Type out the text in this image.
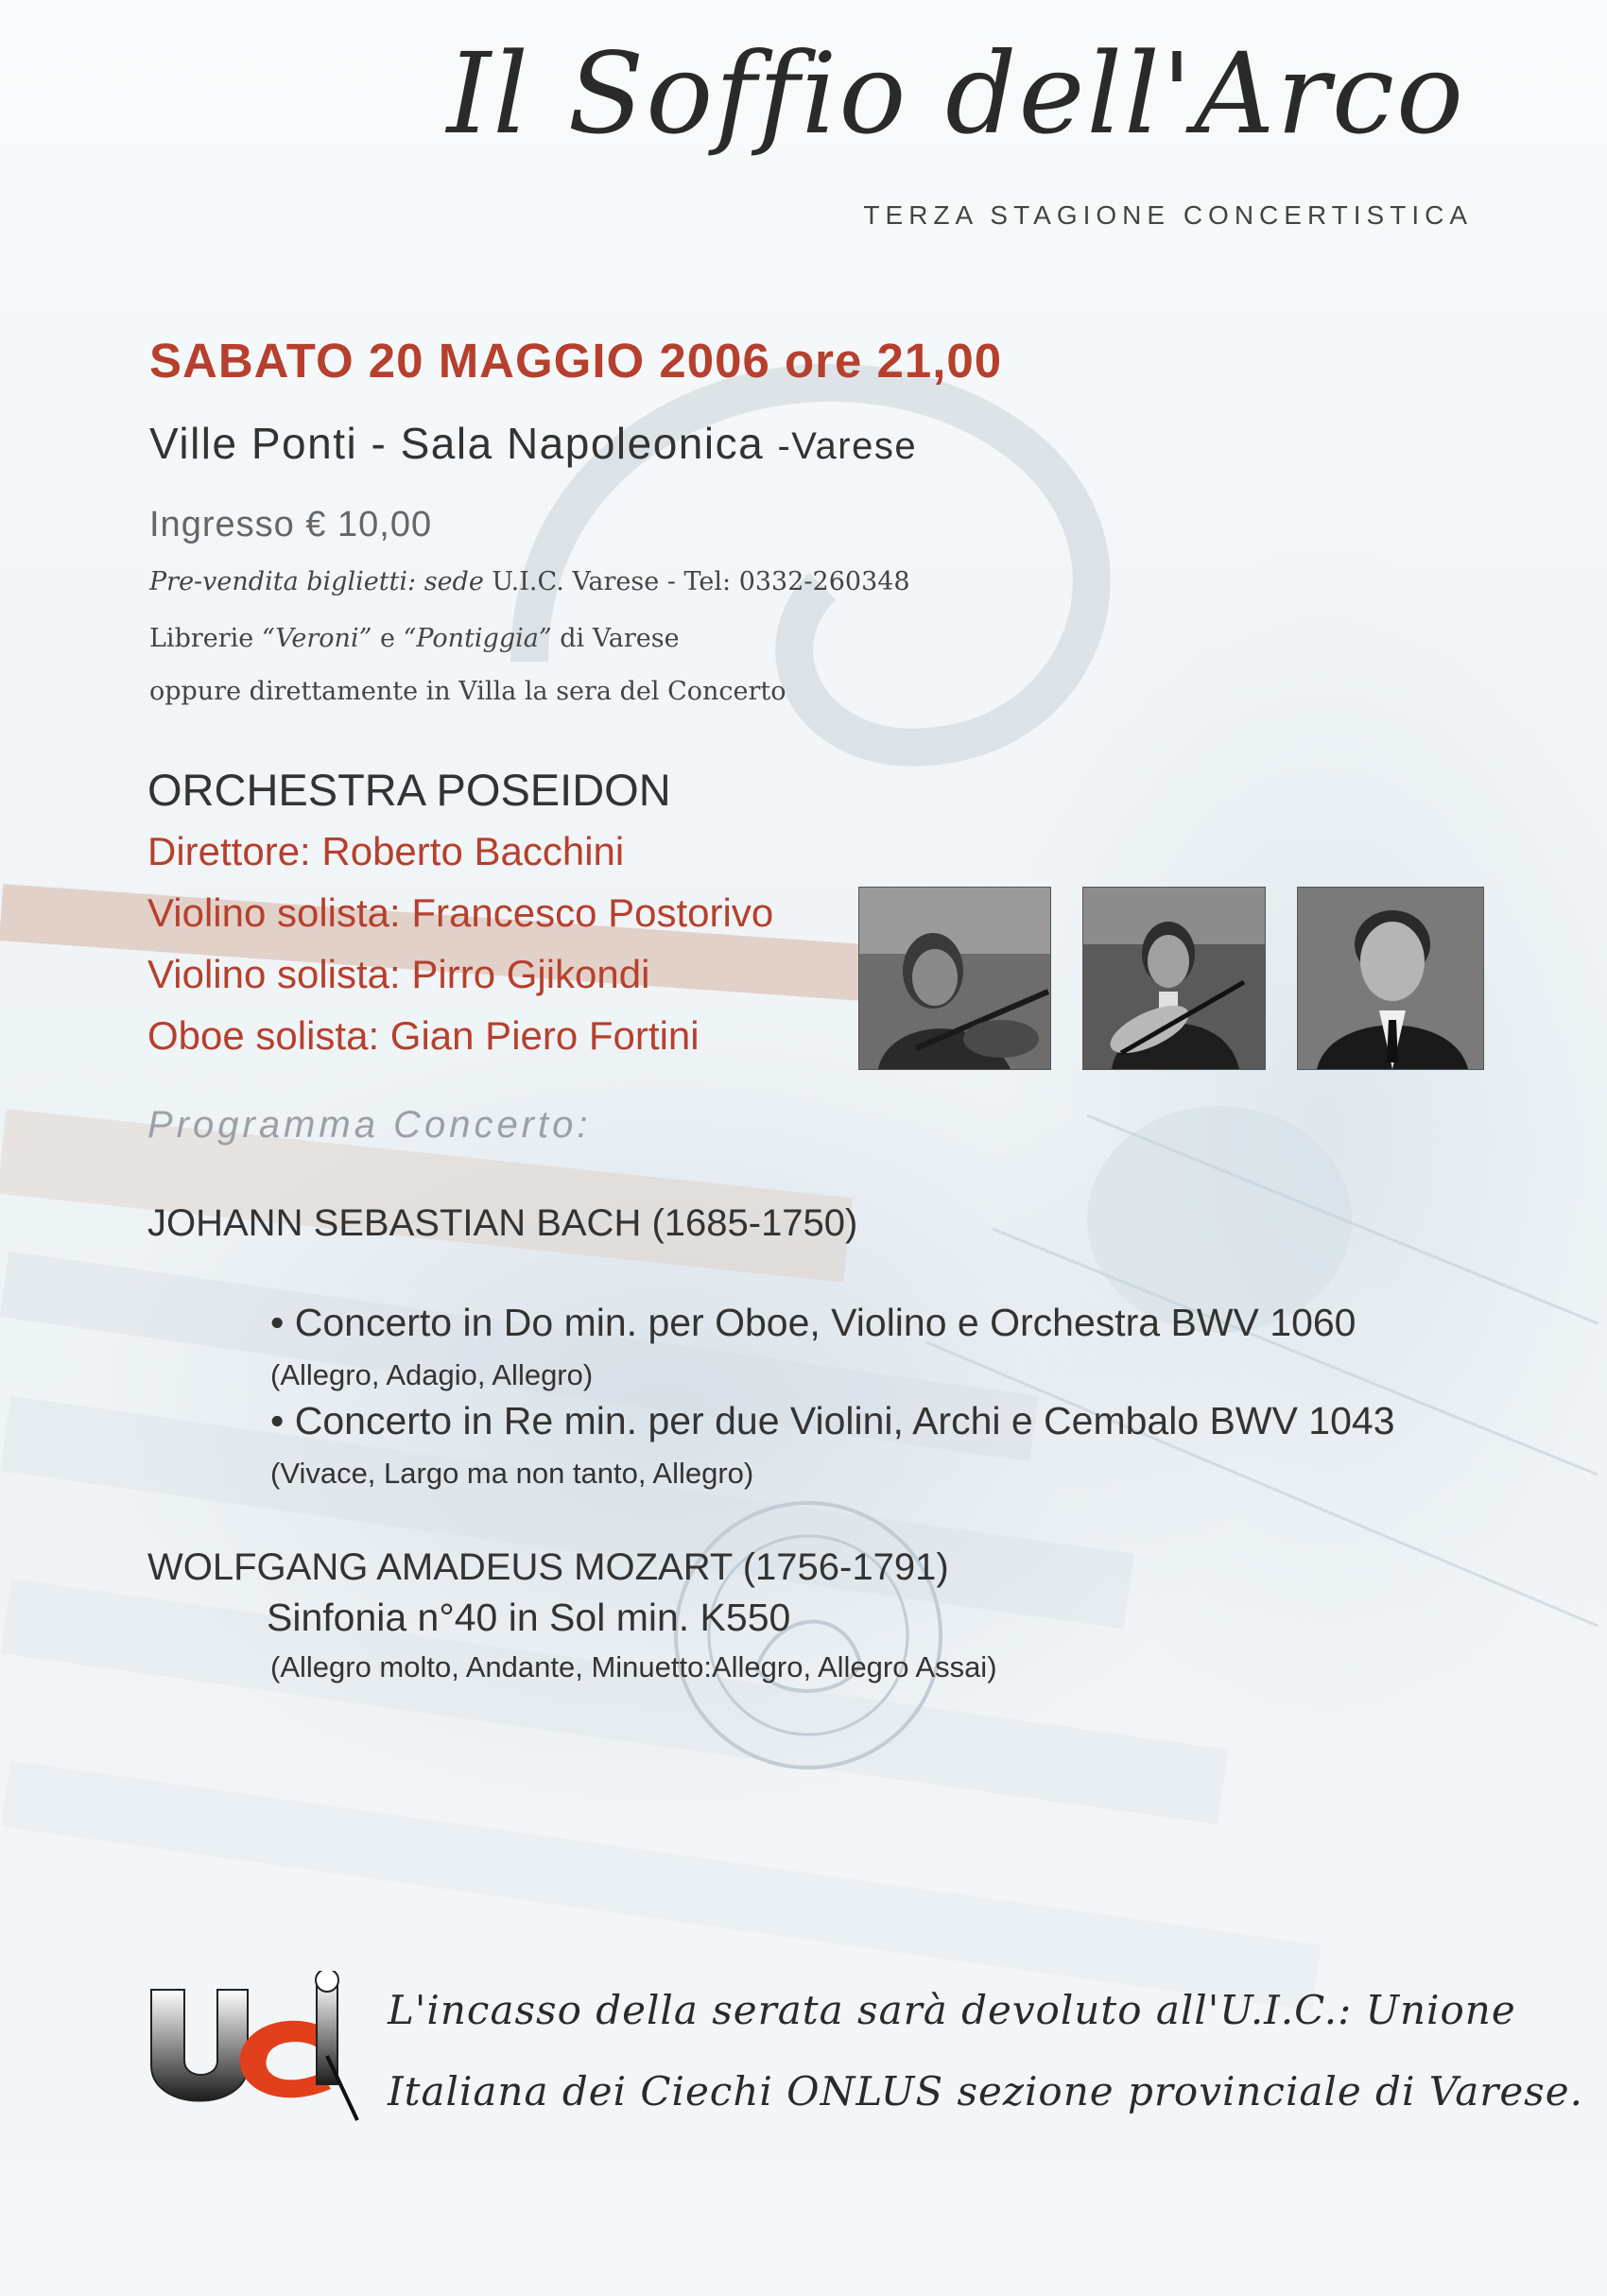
Il Soffio dell'Arco
TERZA STAGIONE CONCERTISTICA
SABATO 20 MAGGIO 2006 ore 21,00
Ville Ponti - Sala Napoleonica -Varese
Ingresso € 10,00
Pre-vendita biglietti: sede U.I.C. Varese - Tel: 0332-260348
Librerie “Veroni” e “Pontiggia” di Varese
oppure direttamente in Villa la sera del Concerto
ORCHESTRA POSEIDON
Direttore: Roberto Bacchini
Violino solista: Francesco Postorivo
Violino solista: Pirro Gjikondi
Oboe solista: Gian Piero Fortini
Programma Concerto:
JOHANN SEBASTIAN BACH (1685-1750)
• Concerto in Do min. per Oboe, Violino e Orchestra BWV 1060
(Allegro, Adagio, Allegro)
• Concerto in Re min. per due Violini, Archi e Cembalo BWV 1043
(Vivace, Largo ma non tanto, Allegro)
WOLFGANG AMADEUS MOZART (1756-1791)
Sinfonia n°40 in Sol min. K550
(Allegro molto, Andante, Minuetto:Allegro, Allegro Assai)
L'incasso della serata sarà devoluto all'U.I.C.: Unione
Italiana dei Ciechi ONLUS sezione provinciale di Varese.
